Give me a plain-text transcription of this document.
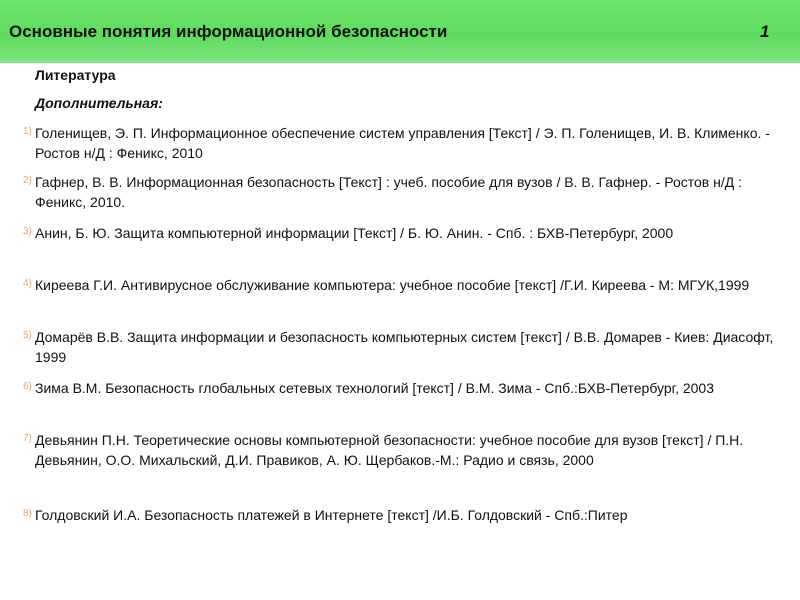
Основные понятия информационной безопасности	1
Литература
Дополнительная:
1) Голенищев, Э. П. Информационное обеспечение систем управления [Текст] / Э. П. Голенищев, И. В. Клименко. - Ростов н/Д : Феникс, 2010
2) Гафнер, В. В. Информационная безопасность [Текст] : учеб. пособие для вузов / В. В. Гафнер. - Ростов н/Д : Феникс, 2010.
3) Анин, Б. Ю. Защита компьютерной информации [Текст] / Б. Ю. Анин. - Спб. : БХВ-Петербург, 2000
4) Киреева Г.И. Антивирусное обслуживание компьютера: учебное пособие [текст] /Г.И. Киреева - М: МГУК,1999
5) Домарёв В.В. Защита информации и безопасность компьютерных систем [текст] / В.В. Домарев - Киев: Диасофт, 1999
6) Зима В.М. Безопасность глобальных сетевых технологий [текст] / В.М. Зима - Спб.:БХВ-Петербург, 2003
7) Девьянин П.Н. Теоретические основы компьютерной безопасности: учебное пособие для вузов [текст] / П.Н. Девьянин, О.О. Михальский, Д.И. Правиков, А. Ю. Щербаков.-М.: Радио и связь, 2000
8) Голдовский И.А. Безопасность платежей в Интернете [текст] /И.Б. Голдовский - Спб.:Питер
